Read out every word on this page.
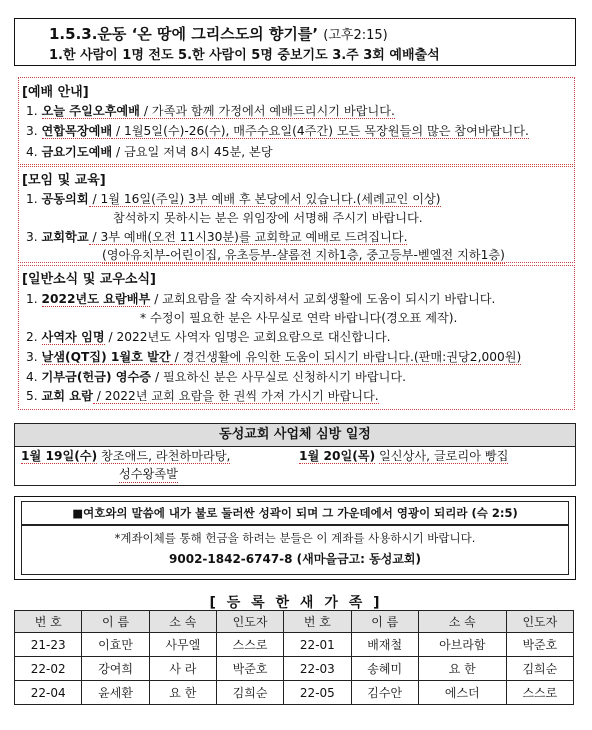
1.5.3.운동 ‘온 땅에 그리스도의 향기를’ (고후2:15)
1.한 사람이 1명 전도 5.한 사람이 5명 중보기도 3.주 3회 예배출석
[예배 안내]
1. 오늘 주일오후예배 / 가족과 함께 가정에서 예배드리시기 바랍니다.
3. 연합목장예배 / 1월5일(수)-26(수), 매주수요일(4주간) 모든 목장원들의 많은 참여바랍니다.
4. 금요기도예배 / 금요일 저녁 8시 45분, 본당
[모임 및 교육]
1. 공동의회 / 1월 16일(주일) 3부 예배 후 본당에서 있습니다.(세례교인 이상)
참석하지 못하시는 분은 위임장에 서명해 주시기 바랍니다.
3. 교회학교 / 3부 예배(오전 11시30분)를 교회학교 예배로 드려집니다.
(영아유치부-어린이집, 유초등부-샬롬전 지하1층, 중고등부-벧엘전 지하1층)
[일반소식 및 교우소식]
1. 2022년도 요람배부 / 교회요람을 잘 숙지하셔서 교회생활에 도움이 되시기 바랍니다.
* 수정이 필요한 분은 사무실로 연락 바랍니다(경오표 제작).
2. 사역자 임명 / 2022년도 사역자 임명은 교회요람으로 대신합니다.
3. 날샘(QT집) 1월호 발간 / 경건생활에 유익한 도움이 되시기 바랍니다.(판매:권당2,000원)
4. 기부금(헌금) 영수증 / 필요하신 분은 사무실로 신청하시기 바랍니다.
5. 교회 요람 / 2022년 교회 요람을 한 권씩 가져 가시기 바랍니다.
동성교회 사업체 심방 일정
1월 19일(수) 창조애드, 라천하마라탕,
성수왕족발
1월 20일(목) 일신상사, 글로리아 빵집
■여호와의 말씀에 내가 불로 둘러싼 성곽이 되며 그 가운데에서 영광이 되리라 (슥 2:5)
*계좌이체를 통해 헌금을 하려는 분들은 이 계좌를 사용하시기 바랍니다.
9002-1842-6747-8 (새마을금고: 동성교회)
[ 등 록 한 새 가 족 ]
번 호	이 름	소 속	인도자	번 호	이 름	소 속	인도자
21-23	이효만	사무엘	스스로	22-01	배재철	아브라함	박준호
22-02	강여희	사 라	박준호	22-03	송혜미	요 한	김희순
22-04	윤세환	요 한	김희순	22-05	김수안	에스더	스스로
